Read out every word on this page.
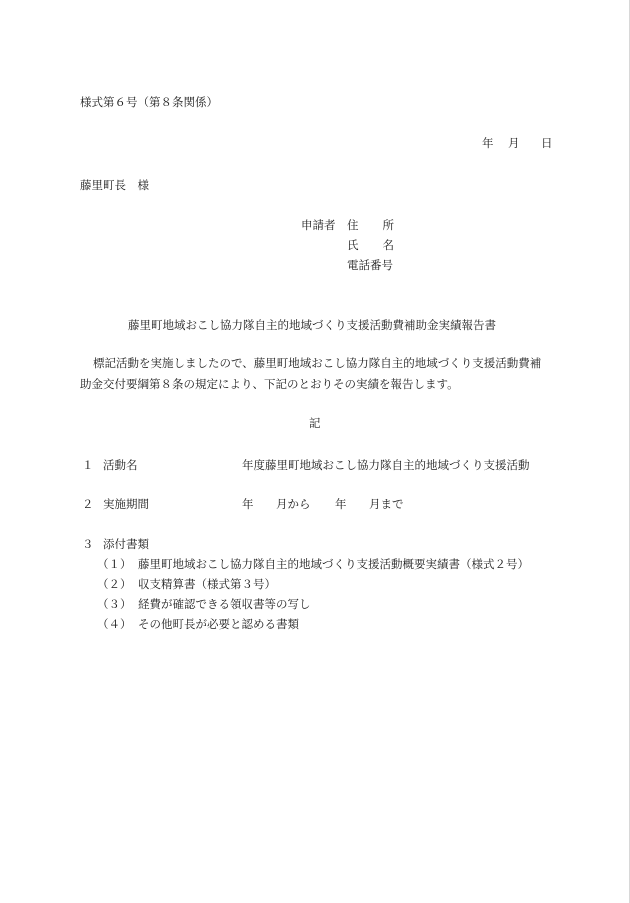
様式第６号（第８条関係）
年 月 日
藤里町長　様
申請者 住 所
氏 名
電話番号
藤里町地域おこし協力隊自主的地域づくり支援活動費補助金実績報告書
標記活動を実施しましたので、藤里町地域おこし協力隊自主的地域づくり支援活動費補
助金交付要綱第８条の規定により、下記のとおりその実績を報告します。
記
１ 活動名	年度藤里町地域おこし協力隊自主的地域づくり支援活動
２ 実施期間	年 月から 年 月まで
３ 添付書類
（１） 藤里町地域おこし協力隊自主的地域づくり支援活動概要実績書（様式２号）
（２） 収支精算書（様式第３号）
（３） 経費が確認できる領収書等の写し
（４） その他町長が必要と認める書類
